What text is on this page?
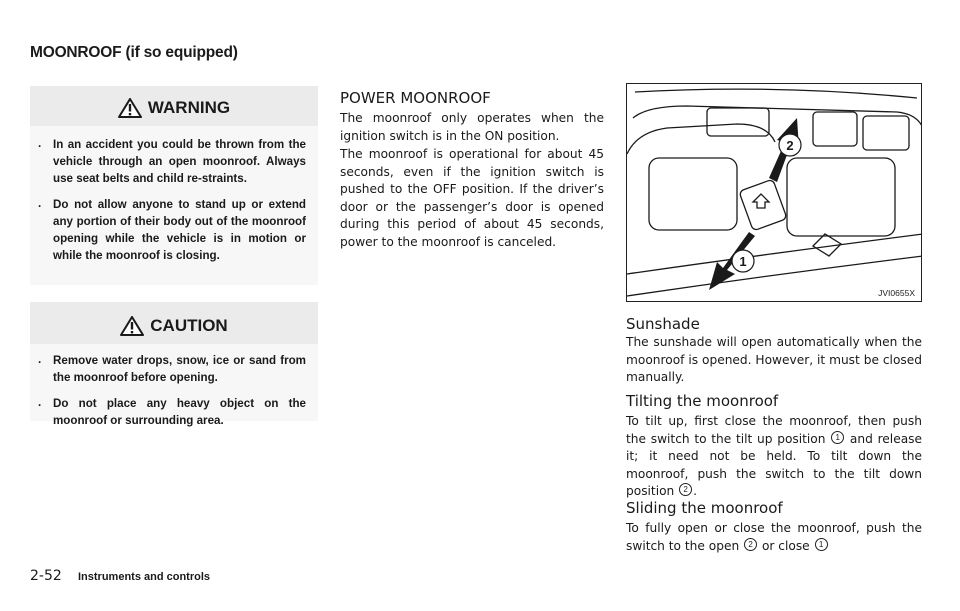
MOONROOF (if so equipped)
WARNING
. In an accident you could be thrown from the vehicle through an open moonroof. Always use seat belts and child re-straints.
. Do not allow anyone to stand up or extend any portion of their body out of the moonroof opening while the vehicle is in motion or while the moonroof is closing.
CAUTION
. Remove water drops, snow, ice or sand from the moonroof before opening.
. Do not place any heavy object on the moonroof or surrounding area.
POWER MOONROOF

The moonroof only operates when the ignition switch is in the ON position.

The moonroof is operational for about 45 seconds, even if the ignition switch is pushed to the OFF position. If the driver’s door or the passenger’s door is opened during this period of about 45 seconds, power to the moonroof is canceled.

2
1
JVI0655X
Sunshade

The sunshade will open automatically when the moonroof is opened. However, it must be closed manually.

Tilting the moonroof

To tilt up, first close the moonroof, then push the switch to the tilt up position 1 and release it; it need not be held. To tilt down the moonroof, push the switch to the tilt down position 2 .

Sliding the moonroof

To fully open or close the moonroof, push the switch to the open 2 or close 1

2-52 Instruments and controls
